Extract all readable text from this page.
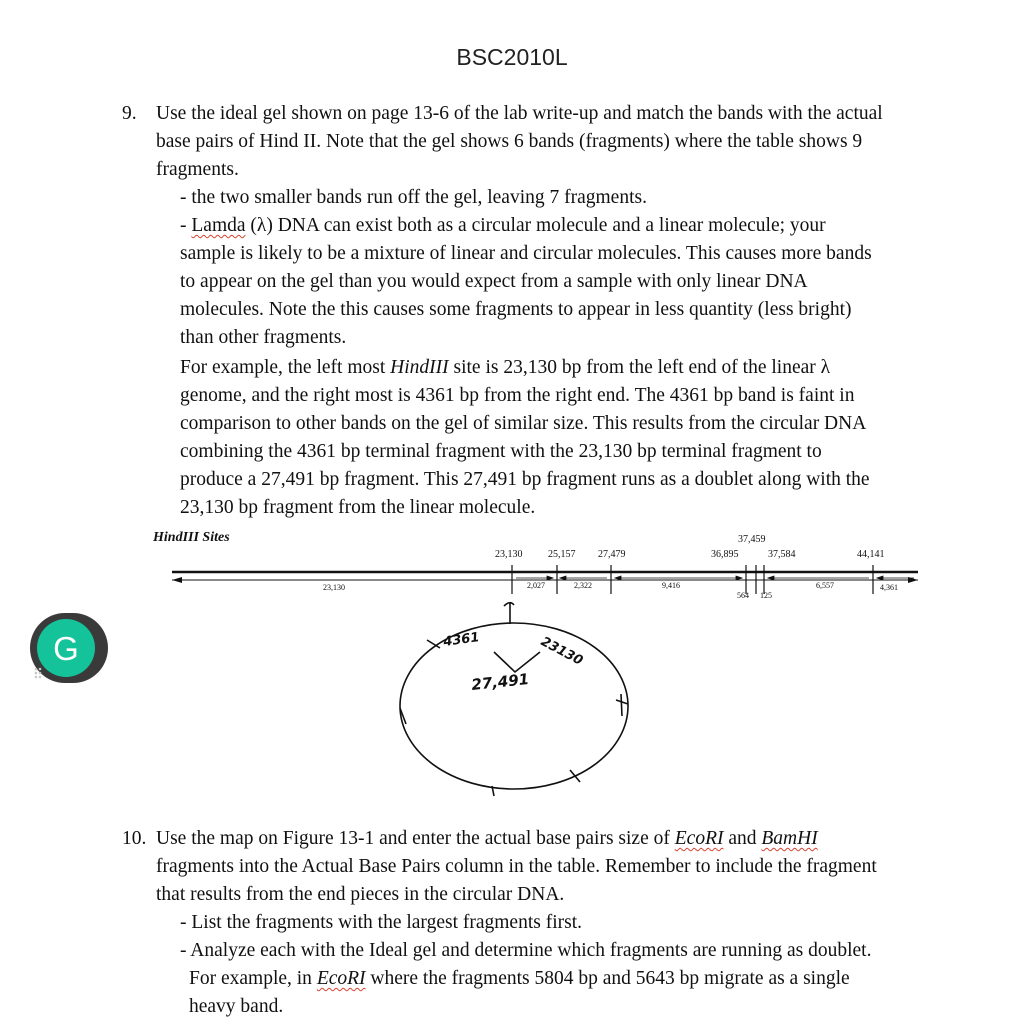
BSC2010L
9. Use the ideal gel shown on page 13-6 of the lab write-up and match the bands with the actual
base pairs of Hind II. Note that the gel shows 6 bands (fragments) where the table shows 9
fragments.
- the two smaller bands run off the gel, leaving 7 fragments.
- Lamda (λ) DNA can exist both as a circular molecule and a linear molecule; your
sample is likely to be a mixture of linear and circular molecules. This causes more bands
to appear on the gel than you would expect from a sample with only linear DNA
molecules. Note the this causes some fragments to appear in less quantity (less bright)
than other fragments.
For example, the left most HindIII site is 23,130 bp from the left end of the linear λ
genome, and the right most is 4361 bp from the right end. The 4361 bp band is faint in
comparison to other bands on the gel of similar size. This results from the circular DNA
combining the 4361 bp terminal fragment with the 23,130 bp terminal fragment to
produce a 27,491 bp fragment. This 27,491 bp fragment runs as a doublet along with the
23,130 bp fragment from the linear molecule.
HindIII Sites
23,130	25,157 27,479	36,895
37,459
37,584	44,141
23,130	2,027	2,322	9,416
564 125
6,557	4,361
4361	23130
27,491
G
10. Use the map on Figure 13-1 and enter the actual base pairs size of EcoRI and BamHI
fragments into the Actual Base Pairs column in the table. Remember to include the fragment
that results from the end pieces in the circular DNA.
- List the fragments with the largest fragments first.
- Analyze each with the Ideal gel and determine which fragments are running as doublet.
For example, in EcoRI where the fragments 5804 bp and 5643 bp migrate as a single
heavy band.
